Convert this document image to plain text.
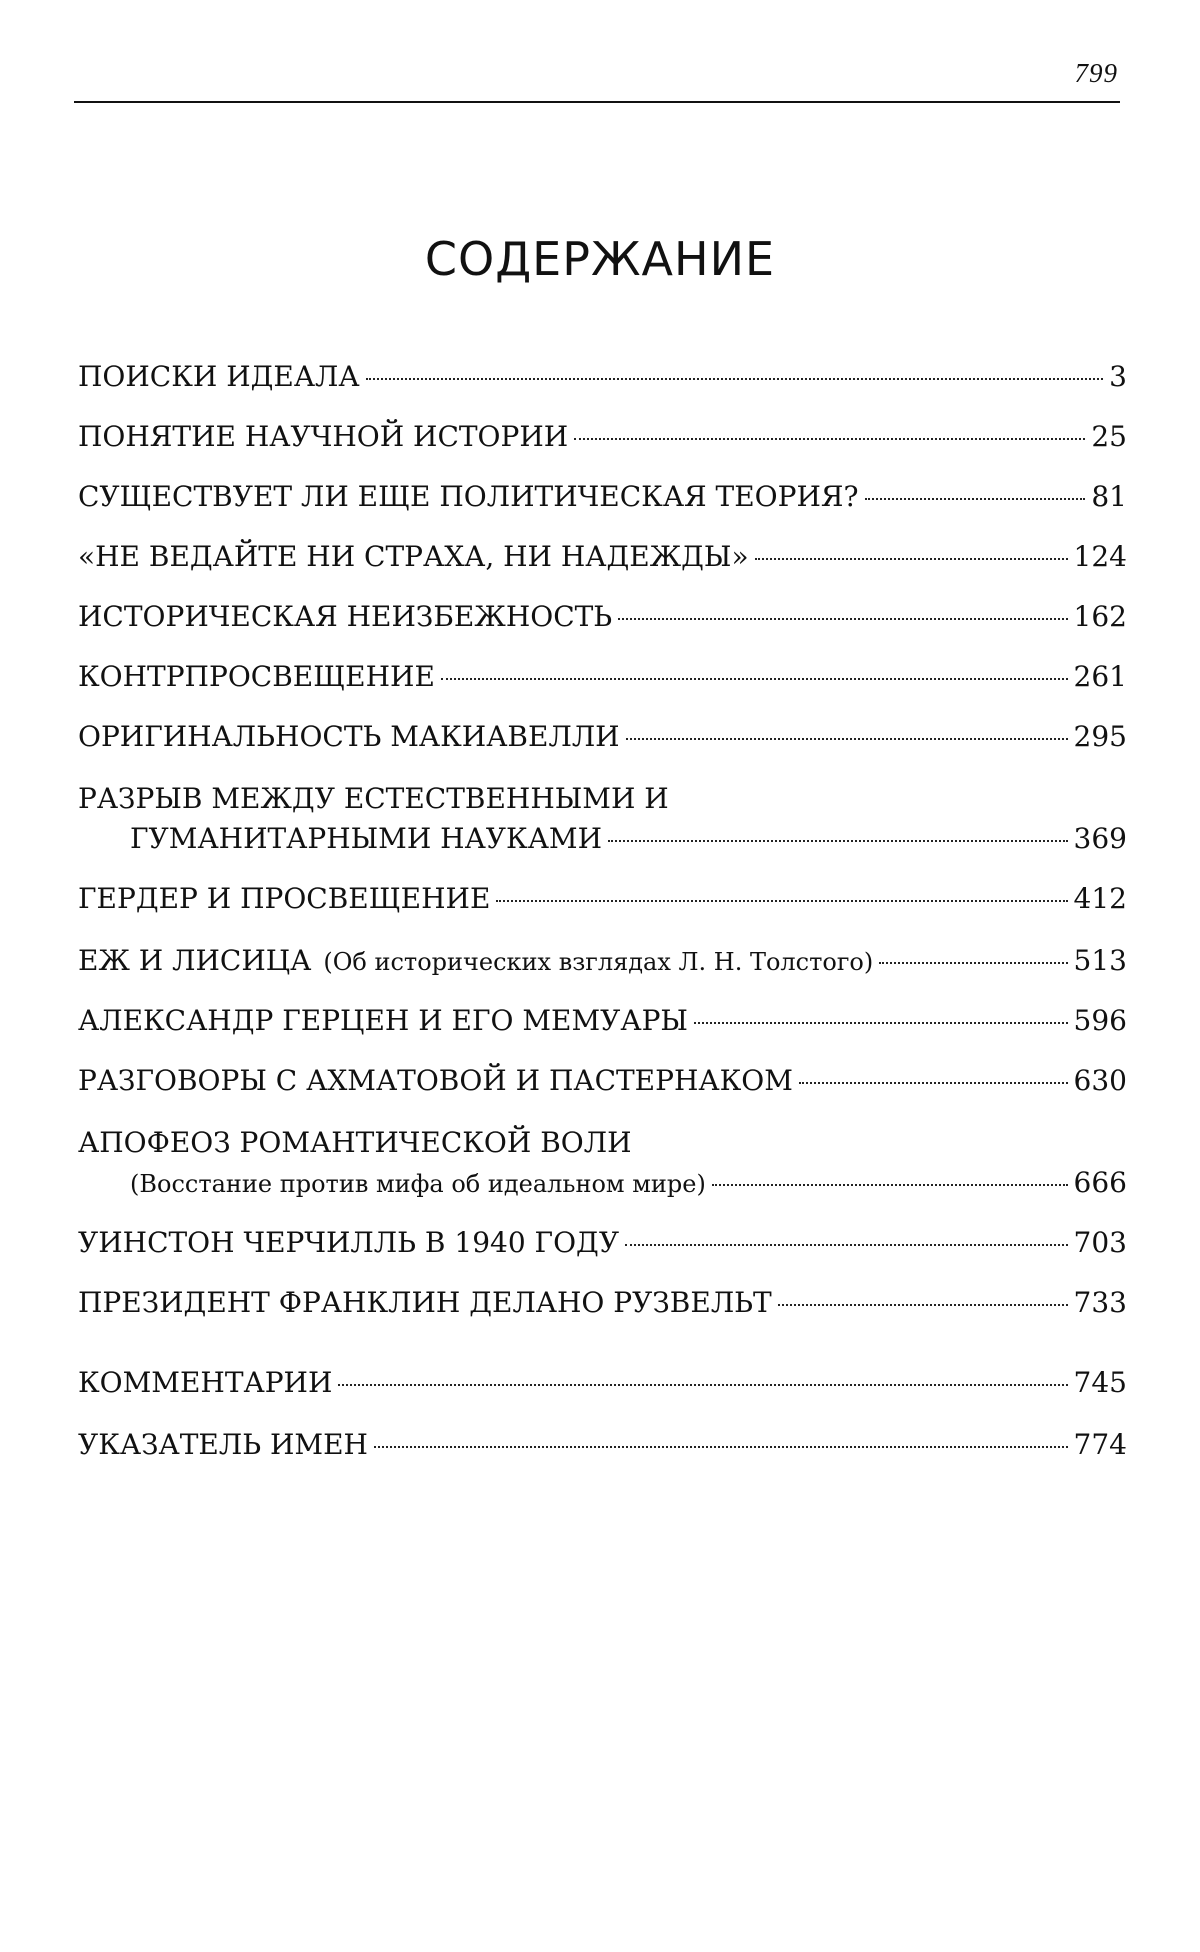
799
СОДЕРЖАНИЕ
ПОИСКИ ИДЕАЛА	3
ПОНЯТИЕ НАУЧНОЙ ИСТОРИИ	25
СУЩЕСТВУЕТ ЛИ ЕЩЕ ПОЛИТИЧЕСКАЯ ТЕОРИЯ?	81
«НЕ ВЕДАЙТЕ НИ СТРАХА, НИ НАДЕЖДЫ»	124
ИСТОРИЧЕСКАЯ НЕИЗБЕЖНОСТЬ	162
КОНТРПРОСВЕЩЕНИЕ	261
ОРИГИНАЛЬНОСТЬ МАКИАВЕЛЛИ	295
РАЗРЫВ МЕЖДУ ЕСТЕСТВЕННЫМИ И
ГУМАНИТАРНЫМИ НАУКАМИ	369
ГЕРДЕР И ПРОСВЕЩЕНИЕ	412
ЕЖ И ЛИСИЦА (Об исторических взглядах Л. Н. Толстого)	513
АЛЕКСАНДР ГЕРЦЕН И ЕГО МЕМУАРЫ	596
РАЗГОВОРЫ С АХМАТОВОЙ И ПАСТЕРНАКОМ	630
АПОФЕОЗ РОМАНТИЧЕСКОЙ ВОЛИ
(Восстание против мифа об идеальном мире)	666
УИНСТОН ЧЕРЧИЛЛЬ В 1940 ГОДУ	703
ПРЕЗИДЕНТ ФРАНКЛИН ДЕЛАНО РУЗВЕЛЬТ	733
КОММЕНТАРИИ	745
УКАЗАТЕЛЬ ИМЕН	774
